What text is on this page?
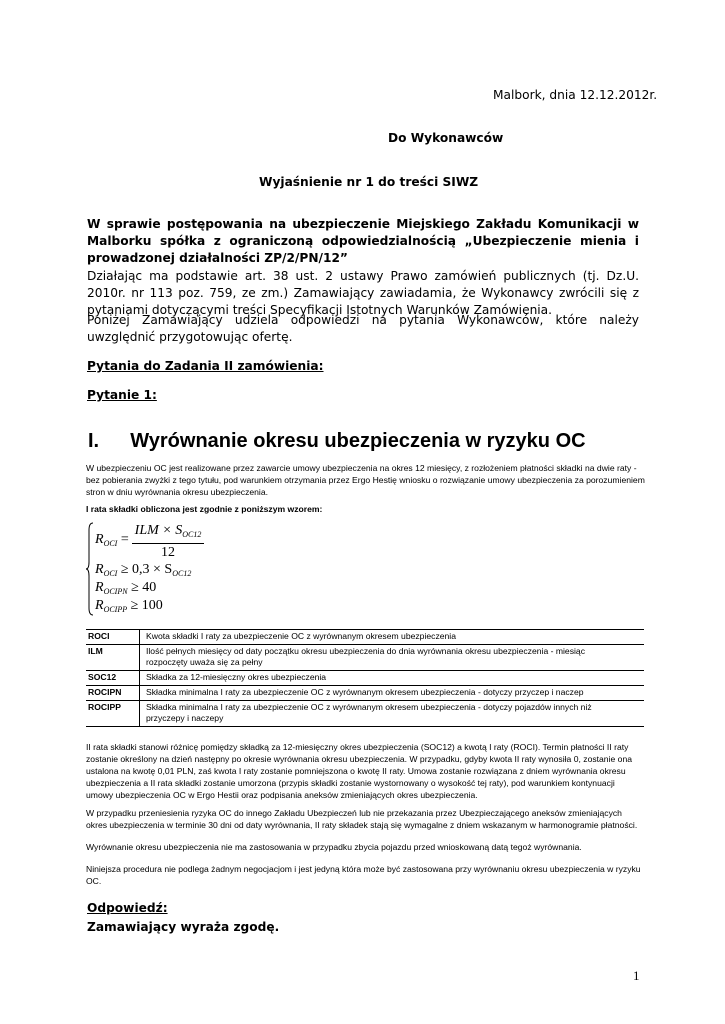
Malbork, dnia 12.12.2012r.
Do Wykonawców
Wyjaśnienie nr 1 do treści SIWZ
W sprawie postępowania na ubezpieczenie Miejskiego Zakładu Komunikacji w Malborku spółka z ograniczoną odpowiedzialnością „Ubezpieczenie mienia i prowadzonej działalności ZP/2/PN/12”
Działając ma podstawie art. 38 ust. 2 ustawy Prawo zamówień publicznych (tj. Dz.U. 2010r. nr 113 poz. 759, ze zm.) Zamawiający zawiadamia, że Wykonawcy zwrócili się z pytaniami dotyczącymi treści Specyfikacji Istotnych Warunków Zamówienia.
Poniżej Zamawiający udziela odpowiedzi na pytania Wykonawców, które należy uwzględnić przygotowując ofertę.
Pytania do Zadania II zamówienia:
Pytanie 1:
I. Wyrównanie okresu ubezpieczenia w ryzyku OC
W ubezpieczeniu OC jest realizowane przez zawarcie umowy ubezpieczenia na okres 12 miesięcy, z rozłożeniem płatności składki na dwie raty - bez pobierania zwyżki z tego tytułu, pod warunkiem otrzymania przez Ergo Hestię wniosku o rozwiązanie umowy ubezpieczenia za porozumieniem stron w dniu wyrównania okresu ubezpieczenia.
I rata składki obliczona jest zgodnie z poniższym wzorem:
$R_{OCI}$ =
ILM × $S_{OC12}$
12
$R_{OCI} \ge 0,3 \times S_{OC12}$
$R_{OCIPN} \ge 40$
$R_{OCIPP} \ge 100$
ROCI	Kwota składki I raty za ubezpieczenie OC z wyrównanym okresem ubezpieczenia
ILM	Ilość pełnych miesięcy od daty początku okresu ubezpieczenia do dnia wyrównania okresu ubezpieczenia - miesiąc rozpoczęty uważa się za pełny
SOC12	Składka za 12-miesięczny okres ubezpieczenia
ROCIPN	Składka minimalna I raty za ubezpieczenie OC z wyrównanym okresem ubezpieczenia - dotyczy przyczep i naczep
ROCIPP	Składka minimalna I raty za ubezpieczenie OC z wyrównanym okresem ubezpieczenia - dotyczy pojazdów innych niż przyczepy i naczepy
II rata składki stanowi różnicę pomiędzy składką za 12-miesięczny okres ubezpieczenia (SOC12) a kwotą I raty (ROCI). Termin płatności II raty zostanie określony na dzień następny po okresie wyrównania okresu ubezpieczenia. W przypadku, gdyby kwota II raty wynosiła 0, zostanie ona ustalona na kwotę 0,01 PLN, zaś kwota I raty zostanie pomniejszona o kwotę II raty. Umowa zostanie rozwiązana z dniem wyrównania okresu ubezpieczenia a II rata składki zostanie umorzona (przypis składki zostanie wystornowany o wysokość tej raty), pod warunkiem kontynuacji umowy ubezpieczenia OC w Ergo Hestii oraz podpisania aneksów zmieniających okres ubezpieczenia.
W przypadku przeniesienia ryzyka OC do innego Zakładu Ubezpieczeń lub nie przekazania przez Ubezpieczającego aneksów zmieniających okres ubezpieczenia w terminie 30 dni od daty wyrównania, II raty składek stają się wymagalne z dniem wskazanym w harmonogramie płatności.
Wyrównanie okresu ubezpieczenia nie ma zastosowania w przypadku zbycia pojazdu przed wnioskowaną datą tegoż wyrównania.
Niniejsza procedura nie podlega żadnym negocjacjom i jest jedyną która może być zastosowana przy wyrównaniu okresu ubezpieczenia w ryzyku OC.
Odpowiedź:
Zamawiający wyraża zgodę.
1
